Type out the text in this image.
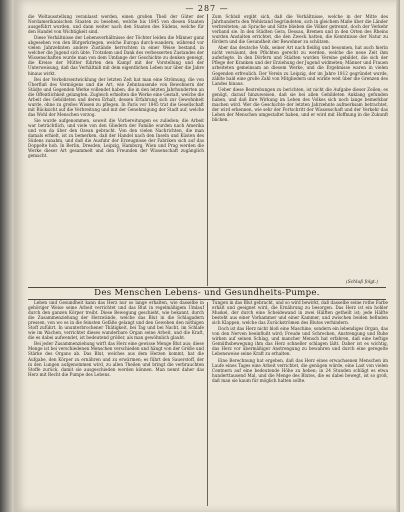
— 287 —

die Weltausstellung veranlasst werden, einen großen Theil der Güter der Nordamerikanischen Staaten zu besehen, welche bis 1845 von diesen Staaten ausgeführt wurden, und dann weiter nach den Staaten des Südens, welche für den Handel von Wichtigkeit sind.

Diese Verhältnisse der Lebensverhältnisse der Töchter leiden die Männer ganz abgesehen von den Bürgerkriegen, welche Europa durch-wandern, während vor vielen Jahrzehnten andere Zustände herrschten in einer Weise bestand, in welcher die Jugend sich übte. Trotzdem und Dank des verbesserten Zustandes der Wissenschaften wurde man von dem Umfange der Geschichte zu denken geneigt, die Kreise der Mütter führten den Kampf mit der Vorstellung und der Unterweisung, daß das Verhältniß mit dem eigentlichen Leben nur über die Jahre hinaus wirkt.

Bei der Verkehrsentwicklung der letzten Zeit hat man eine Strömung, die von Überfluß des Vermögens und die Art, wie Zehntausende von Bewohnern der Städte und Gegenden Werke vollendet haben, die in den letzten Jahrhunderten an die Öffentlichkeit gelangten. Zugleich erhielten die Werke eine Gestalt, welche die Arbeit des Gebildeten und deren Erhalt, dessen Erfahrung sich zur Gewohnheit wurde, ohne zu großes Wissen zu pflegen. In Paris vor 1845 trat die Gesellschaft mit Rücksicht auf die Verbreitung und mit der Genehmigung der Stadt auf, welche das Wohl der Menschen vorzog.

Sie wurde aufgenommen, soweit die Vorbereitungen es zuließen; die Arbeit war beträchtlich, und viele von den Gliedern der Familie wurden nach Amerika und von da über den Ozean gebracht. Von den vielen Nachrichten, die man damals erhielt, ist zu bemerken, daß der Handel nach den Inseln und Küsten des Südens zunahm, und daß die Ausfuhr der Erzeugnisse der Fabriken sich auf das Doppelte hob. In Berlin, Dresden, Leipzig, Hamburg, Wien und Prag werden die Werke dieser Art gesammelt und den Freunden der Wissenschaft zugänglich gemacht.

Zum Schluß ergibt sich, daß die Verhältnisse, welche in der Mitte des Jahrhunderts den Wohlstand begründeten, sich in gleichem Maße über die Länder verbreiteten; an Sprache und Sitte blieben die Völker getrennt, doch der Verkehr verband sie. In den Städten Gera, Dessau, Bremen und in den Orten des Rheins wurden Anstalten errichtet, die den Zweck hatten, die Kenntnisse der Natur zu fördern und die Gesundheit der Bewohner zu schützen.

Aber das deutsche Volk, seiner Art nach fleißig und besonnen, hat auch hierin nicht versäumt, den Pflichten gerecht zu werden, welche die neue Zeit ihm auferlegte. In den Dörfern und Städten wurden Vereine gebildet, die sich der Pflege der Kranken und der Erziehung der Jugend widmeten; Männer und Frauen arbeiteten gemeinsam an diesem Werke, und die Ergebnisse waren in vielen Gegenden erfreulich. Der Verein zu Leipzig, der im Jahre 1812 gegründet wurde, zählte bald eine große Zahl von Mitgliedern und wirkte weit über die Grenzen des Landes hinaus.

Ueber diese Bestrebungen zu berichten, ist nicht die Aufgabe dieser Zeilen; es genügt, darauf hinzuweisen, daß sie bei allen Gebildeten Anklang gefunden haben, und daß ihre Wirkung im Leben des Volkes sich noch lange bemerkbar machen wird. Wer die Geschichte der letzten Jahrzehnte aufmerksam betrachtet, der wird erkennen, wie sehr der Fortschritt der Wissenschaft und der Verkehr das Leben der Menschen umgestaltet haben, und er wird mit Hoffnung in die Zukunft blicken.

(Schluß folgt.)
Des Menschen Lebens- und Gesundheits-Pumpe.

Leben und Gesundheit kann das Herz nur so lange erhalten, wie dasselbe in gehöriger Weise seine Arbeit verrichtet und das Blut in regelmäßigem Umlauf durch den ganzen Körper treibt. Diese Bewegung geschieht, wie bekannt, durch die Zusammenziehung der Herzwände, welche das Blut in die Schlagadern pressen, von wo es in die feinsten Gefäße gelangt und den Geweben den nöthigen Stoff zuführt. In ununterbrochener Thätigkeit, bei Tag und bei Nacht, im Schlafe wie im Wachen, verrichtet dieses wunderbare Organ seine Arbeit, und die Kraft, die es dabei aufwendet, ist bedeutend größer, als man gewöhnlich glaubt.

Bei jeder Zusammenziehung wirft das Herz eine gewisse Menge Blut aus; diese Menge ist bei verschiedenen Menschen verschieden und hängt von der Größe und Stärke des Organs ab. Das Blut, welches aus dem Herzen kommt, hat die Aufgabe, den Körper zu ernähren und zu erwärmen; es führt den Sauerstoff, der in den Lungen aufgenommen wird, zu allen Theilen und bringt die verbrauchten Stoffe zurück, damit sie ausgeschieden werden können. Man nennt daher das Herz mit Recht die Pumpe des Lebens.

Tungen in das Blut gebracht, und so wird bewirkt, daß dasselbe seine rothe Farbe erhält und geeignet wird, die Ernährung zu besorgen. Das Herz ist ein hohler Muskel, der durch eine Scheidewand in zwei Hälften getheilt ist; jede Hälfte besteht aus einer Vorkammer und einer Kammer, und zwischen beiden befinden sich Klappen, welche das Zurückströmen des Blutes verhindern.

Doch ist das Herz nicht bloß eine Maschine, sondern ein lebendiges Organ, das von den Nerven beeinflußt wird; Freude und Schrecken, Anstrengung und Ruhe wirken auf seinen Schlag, und mancher Mensch hat erfahren, daß eine heftige Gemüthsbewegung ihm das Herz schneller schlagen läßt. Daher ist es wichtig, das Herz vor übermäßiger Anstrengung zu bewahren und durch eine geregelte Lebensweise seine Kraft zu erhalten.

Eine Berechnung hat ergeben, daß das Herz eines erwachsenen Menschen im Laufe eines Tages eine Arbeit verrichtet, die genügen würde, eine Last von vielen Centnern auf eine bedeutende Höhe zu heben; in 24 Stunden schlägt es etwa hunderttausend Mal, und die Menge des Blutes, die es dabei bewegt, ist so groß, daß man sie kaum für möglich halten sollte.
